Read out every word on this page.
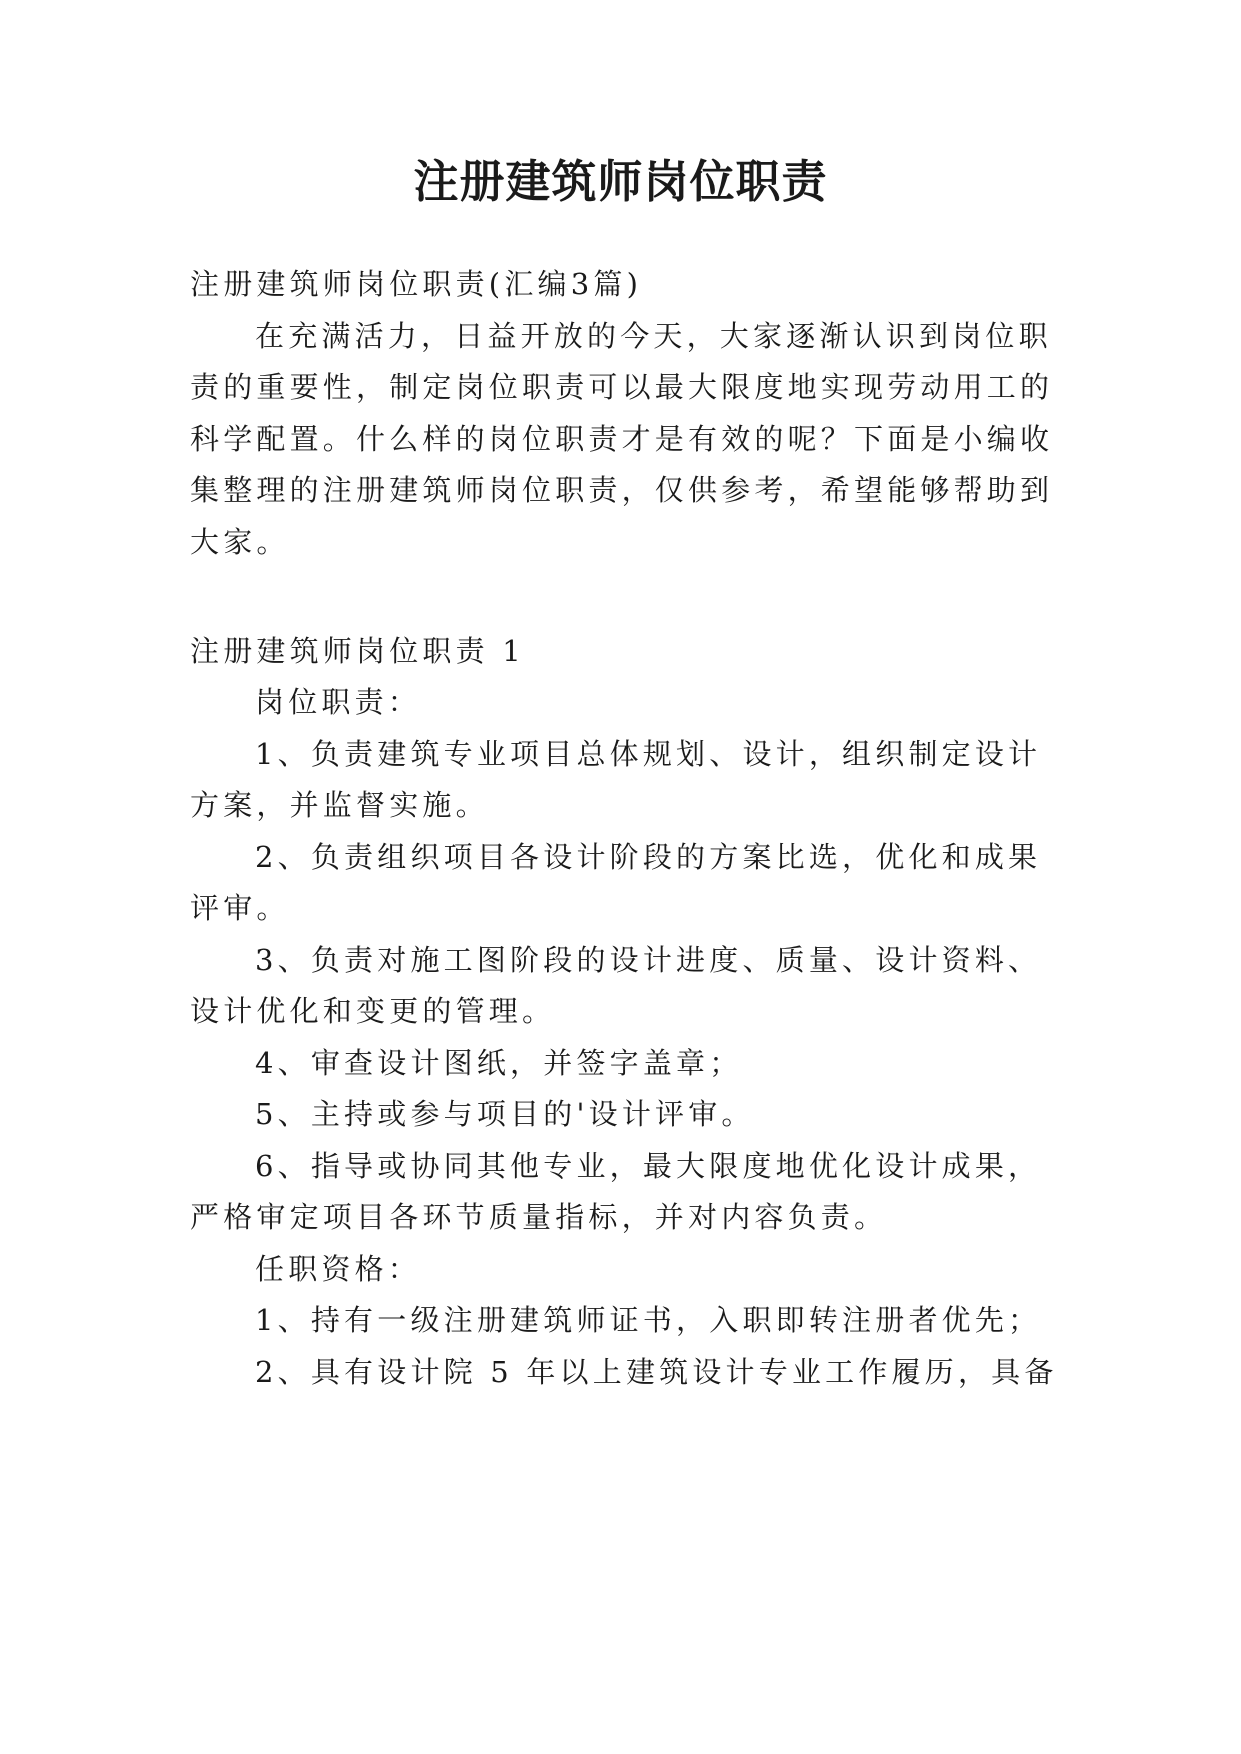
注册建筑师岗位职责
注册建筑师岗位职责(汇编3篇)
在充满活力，日益开放的今天，大家逐渐认识到岗位职
责的重要性，制定岗位职责可以最大限度地实现劳动用工的
科学配置。什么样的岗位职责才是有效的呢？下面是小编收
集整理的注册建筑师岗位职责，仅供参考，希望能够帮助到
大家。
注册建筑师岗位职责 1
岗位职责：
1、负责建筑专业项目总体规划、设计，组织制定设计
方案，并监督实施。
2、负责组织项目各设计阶段的方案比选，优化和成果
评审。
3、负责对施工图阶段的设计进度、质量、设计资料、
设计优化和变更的管理。
4、审查设计图纸，并签字盖章；
5、主持或参与项目的'设计评审。
6、指导或协同其他专业，最大限度地优化设计成果，
严格审定项目各环节质量指标，并对内容负责。
任职资格：
1、持有一级注册建筑师证书，入职即转注册者优先；
2、具有设计院 5 年以上建筑设计专业工作履历，具备
